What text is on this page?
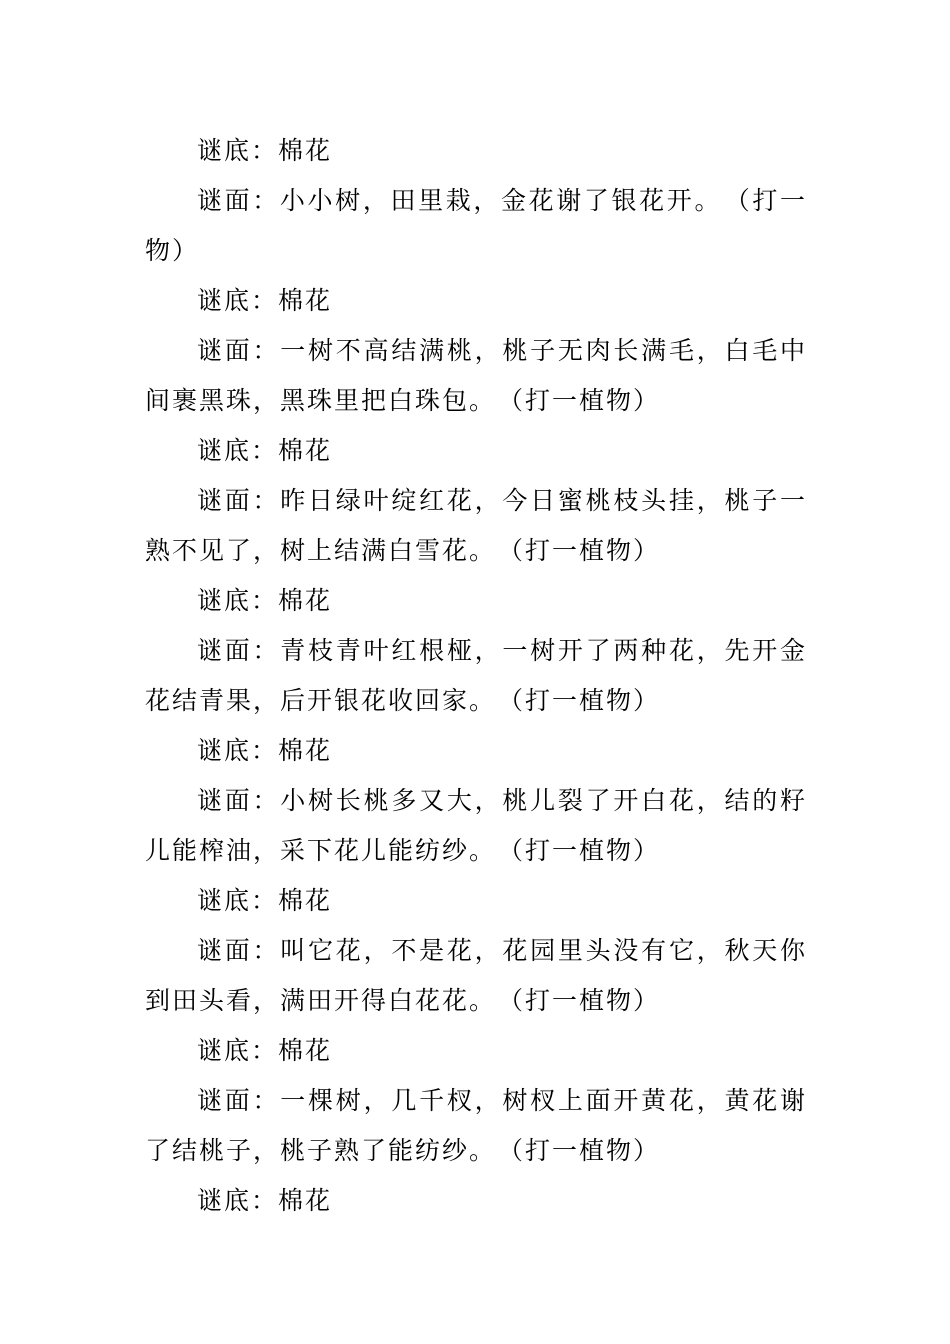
谜底：棉花

谜面：小小树，田里栽，金花谢了银花开。　（打一物）

谜底：棉花

谜面：一树不高结满桃，桃子无肉长满毛，白毛中间裹黑珠，黑珠里把白珠包。　（打一植物）

谜底：棉花

谜面：昨日绿叶绽红花，今日蜜桃枝头挂，桃子一熟不见了，树上结满白雪花。　（打一植物）

谜底：棉花

谜面：青枝青叶红根桠，一树开了两种花，先开金花结青果，后开银花收回家。　（打一植物）

谜底：棉花

谜面：小树长桃多又大，桃儿裂了开白花，结的籽儿能榨油，采下花儿能纺纱。　（打一植物）

谜底：棉花

谜面：叫它花，不是花，花园里头没有它，秋天你到田头看，满田开得白花花。　（打一植物）

谜底：棉花

谜面：一棵树，几千杈，树杈上面开黄花，黄花谢了结桃子，桃子熟了能纺纱。　（打一植物）

谜底：棉花
